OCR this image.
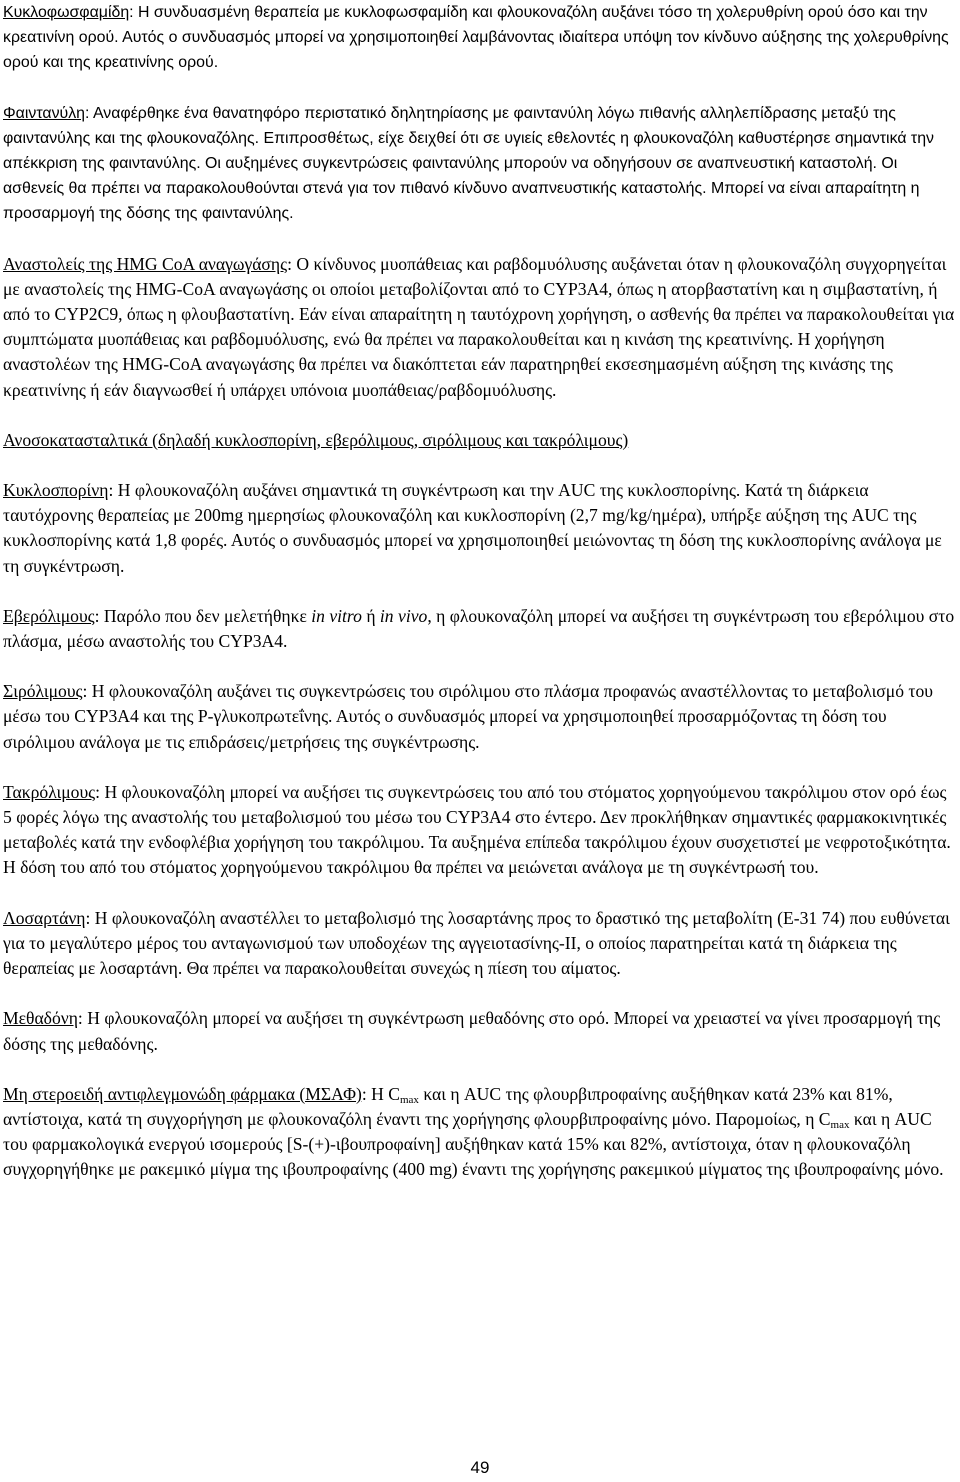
Κυκλοφωσφαμίδη: Η συνδυασμένη θεραπεία με κυκλοφωσφαμίδη και φλουκοναζόλη αυξάνει τόσο τη χολερυθρίνη ορού όσο και την κρεατινίνη ορού. Αυτός ο συνδυασμός μπορεί να χρησιμοποιηθεί λαμβάνοντας ιδιαίτερα υπόψη τον κίνδυνο αύξησης της χολερυθρίνης ορού και της κρεατινίνης ορού.

Φαιντανύλη: Αναφέρθηκε ένα θανατηφόρο περιστατικό δηλητηρίασης με φαιντανύλη λόγω πιθανής αλληλεπίδρασης μεταξύ της φαιντανύλης και της φλουκοναζόλης. Επιπροσθέτως, είχε δειχθεί ότι σε υγιείς εθελοντές η φλουκοναζόλη καθυστέρησε σημαντικά την απέκκριση της φαιντανύλης. Οι αυξημένες συγκεντρώσεις φαιντανύλης μπορούν να οδηγήσουν σε αναπνευστική καταστολή. Οι ασθενείς θα πρέπει να παρακολουθούνται στενά για τον πιθανό κίνδυνο αναπνευστικής καταστολής. Μπορεί να είναι απαραίτητη η προσαρμογή της δόσης της φαιντανύλης.

Αναστολείς της HMG CoA αναγωγάσης: Ο κίνδυνος μυοπάθειας και ραβδομυόλυσης αυξάνεται όταν η φλουκοναζόλη συγχορηγείται με αναστολείς της HMG-CoA αναγωγάσης οι οποίοι μεταβολίζονται από το CYP3A4, όπως η ατορβαστατίνη και η σιμβαστατίνη, ή από το CYP2C9, όπως η φλουβαστατίνη. Εάν είναι απαραίτητη η ταυτόχρονη χορήγηση, ο ασθενής θα πρέπει να παρακολουθείται για συμπτώματα μυοπάθειας και ραβδομυόλυσης, ενώ θα πρέπει να παρακολουθείται και η κινάση της κρεατινίνης. Η χορήγηση αναστολέων της HMG-CoA αναγωγάσης θα πρέπει να διακόπτεται εάν παρατηρηθεί εκσεσημασμένη αύξηση της κινάσης της κρεατινίνης ή εάν διαγνωσθεί ή υπάρχει υπόνοια μυοπάθειας/ραβδομυόλυσης.

Ανοσοκατασταλτικά (δηλαδή κυκλοσπορίνη, εβερόλιμους, σιρόλιμους και τακρόλιμους)

Κυκλοσπορίνη: Η φλουκοναζόλη αυξάνει σημαντικά τη συγκέντρωση και την AUC της κυκλοσπορίνης. Κατά τη διάρκεια ταυτόχρονης θεραπείας με 200mg ημερησίως φλουκοναζόλη και κυκλοσπορίνη (2,7 mg/kg/ημέρα), υπήρξε αύξηση της AUC της κυκλοσπορίνης κατά 1,8 φορές. Αυτός ο συνδυασμός μπορεί να χρησιμοποιηθεί μειώνοντας τη δόση της κυκλοσπορίνης ανάλογα με τη συγκέντρωση.

Εβερόλιμους: Παρόλο που δεν μελετήθηκε in vitro ή in vivo, η φλουκοναζόλη μπορεί να αυξήσει τη συγκέντρωση του εβερόλιμου στο πλάσμα, μέσω αναστολής του CYP3A4.

Σιρόλιμους: Η φλουκοναζόλη αυξάνει τις συγκεντρώσεις του σιρόλιμου στο πλάσμα προφανώς αναστέλλοντας το μεταβολισμό του μέσω του CYP3A4 και της P-γλυκοπρωτεΐνης. Αυτός ο συνδυασμός μπορεί να χρησιμοποιηθεί προσαρμόζοντας τη δόση του σιρόλιμου ανάλογα με τις επιδράσεις/μετρήσεις της συγκέντρωσης.

Τακρόλιμους: Η φλουκοναζόλη μπορεί να αυξήσει τις συγκεντρώσεις του από του στόματος χορηγούμενου τακρόλιμου στον ορό έως 5 φορές λόγω της αναστολής του μεταβολισμού του μέσω του CYP3A4 στο έντερο. Δεν προκλήθηκαν σημαντικές φαρμακοκινητικές μεταβολές κατά την ενδοφλέβια χορήγηση του τακρόλιμου. Τα αυξημένα επίπεδα τακρόλιμου έχουν συσχετιστεί με νεφροτοξικότητα. Η δόση του από του στόματος χορηγούμενου τακρόλιμου θα πρέπει να μειώνεται ανάλογα με τη συγκέντρωσή του.

Λοσαρτάνη: Η φλουκοναζόλη αναστέλλει το μεταβολισμό της λοσαρτάνης προς το δραστικό της μεταβολίτη (Ε-31 74) που ευθύνεται για το μεγαλύτερο μέρος του ανταγωνισμού των υποδοχέων της αγγειοτασίνης-ΙΙ, ο οποίος παρατηρείται κατά τη διάρκεια της θεραπείας με λοσαρτάνη. Θα πρέπει να παρακολουθείται συνεχώς η πίεση του αίματος.

Μεθαδόνη: Η φλουκοναζόλη μπορεί να αυξήσει τη συγκέντρωση μεθαδόνης στο ορό. Μπορεί να χρειαστεί να γίνει προσαρμογή της δόσης της μεθαδόνης.

Μη στεροειδή αντιφλεγμονώδη φάρμακα (ΜΣΑΦ): Η $C_{max}$ και η AUC της φλουρβιπροφαίνης αυξήθηκαν κατά 23% και 81%, αντίστοιχα, κατά τη συγχορήγηση με φλουκοναζόλη έναντι της χορήγησης φλουρβιπροφαίνης μόνο. Παρομοίως, η $C_{max}$ και η AUC του φαρμακολογικά ενεργού ισομερούς [S-(+)-ιβουπροφαίνη] αυξήθηκαν κατά 15% και 82%, αντίστοιχα, όταν η φλουκοναζόλη συγχορηγήθηκε με ρακεμικό μίγμα της ιβουπροφαίνης (400 mg) έναντι της χορήγησης ρακεμικού μίγματος της ιβουπροφαίνης μόνο.

49
